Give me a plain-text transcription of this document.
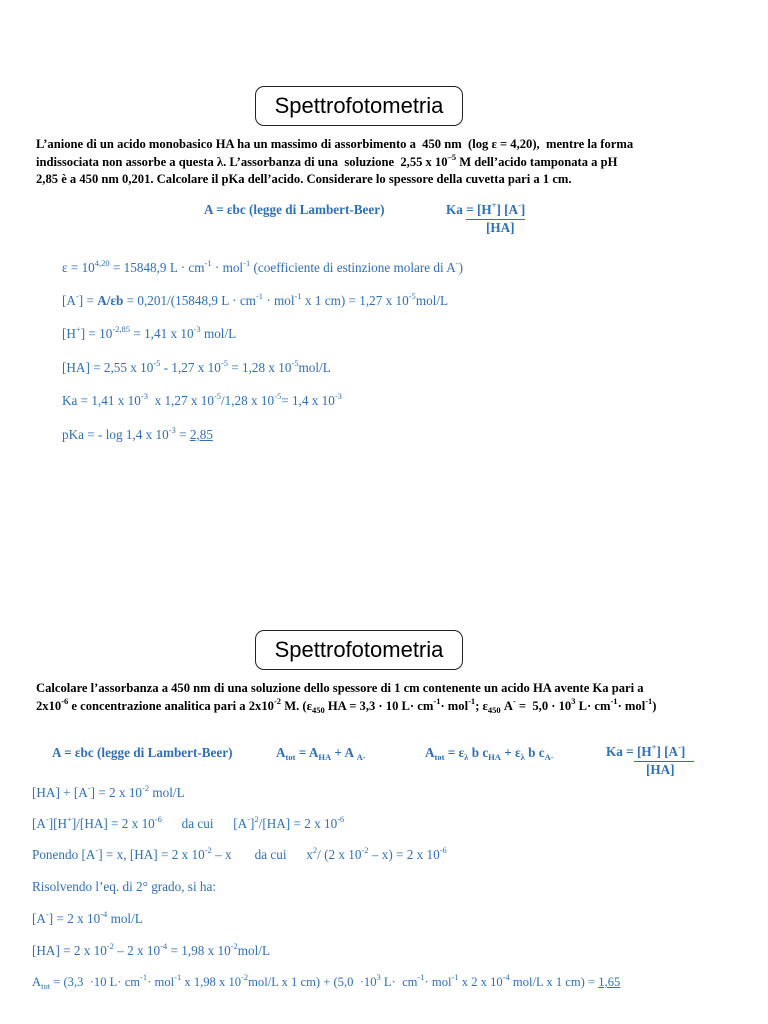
Spettrofotometria
L’anione di un acido monobasico HA ha un massimo di assorbimento a  450 nm  (log ε = 4,20),  mentre la forma
indissociata non assorbe a questa λ. L’assorbanza di una  soluzione  2,55 x $10^{-5}$ M dell’acido tamponata a pH
2,85 è a 450 nm 0,201. Calcolare il pKa dell’acido. Considerare lo spessore della cuvetta pari a 1 cm.
A = εbc (legge di Lambert-Beer)	$\frac{Ka = [H^+] [A^-]}{[HA]}$
$\varepsilon = 10^{4,20} = 15848,9$ $L \cdot cm^{-1} \cdot mol^{-1}$ (coefficiente di estinzione molare di A-)
[A-] = A/εb = 0,201/(15848,9 $L \cdot cm^{-1} \cdot mol^{-1}$ x 1 cm) = 1,27 x $10^{-5}mol/L$
$[H^+] = 10^{-2,85} = 1,41$ x $10^{-3}$ mol/L
[HA] = 2,55 x $10^{-5} - 1,27$ x $10^{-5} = 1,28$ x $10^{-5}mol/L$
Ka = 1,41 x $10^{-3}$  x 1,27 x $10^{-5}/1,28$ x $10^{-5}= 1,4$ x $10^{-3}$
pKa = - log 1,4 x $10^{-3} = 2,85$
Spettrofotometria
Calcolare l’assorbanza a 450 nm di una soluzione dello spessore di 1 cm contenente un acido HA avente Ka pari a
$2x10^{-6}$ e concentrazione analitica pari a $2x10^{-2}$ M. ($\varepsilon_{450}$ HA = 3,3 · 10 $L\cdot cm^{-1}\cdot mol^{-1}$; $\varepsilon_{450}$ $A^- = 5,0 \cdot 10^3$ $L\cdot cm^{-1}\cdot mol^{-1}$)
A = εbc (legge di Lambert-Beer)	$A_{tot} = A_{HA} + A$ $_{A-}$	$A_{tot} = \varepsilon_\lambda$ b $c_{HA} + \varepsilon_\lambda$ b $c_{A-}$	$\frac{Ka = [H^+] [A^-]}{[HA]}$
[HA] + [A-] = 2 x $10^{-2}$ mol/L
[A-][H+]/[HA] = 2 x $10^{-6}$      da cui      $[A^-]^2/[HA] = 2$ x $10^{-6}$
Ponendo [A-] = x, [HA] = 2 x $10^{-2}$ – x       da cui      $x^2/$ (2 x $10^{-2} - x) = 2$ x $10^{-6}$
Risolvendo l’eq. di 2° grado, si ha:
[A-] = 2 x $10^{-4}$ mol/L
[HA] = 2 x $10^{-2} - 2$ x $10^{-4} = 1,98$ x $10^{-2}mol/L$
$A_{tot} = (3,3 \cdot 10$ $L\cdot cm^{-1}\cdot mol^{-1}$ x 1,98 x $10^{-2}mol/L$ x 1 $cm) + (5,0 \cdot 10^3$ $L\cdot cm^{-1}\cdot mol^{-1}$ x 2 x $10^{-4}$ mol/L x 1 cm) = 1,65
